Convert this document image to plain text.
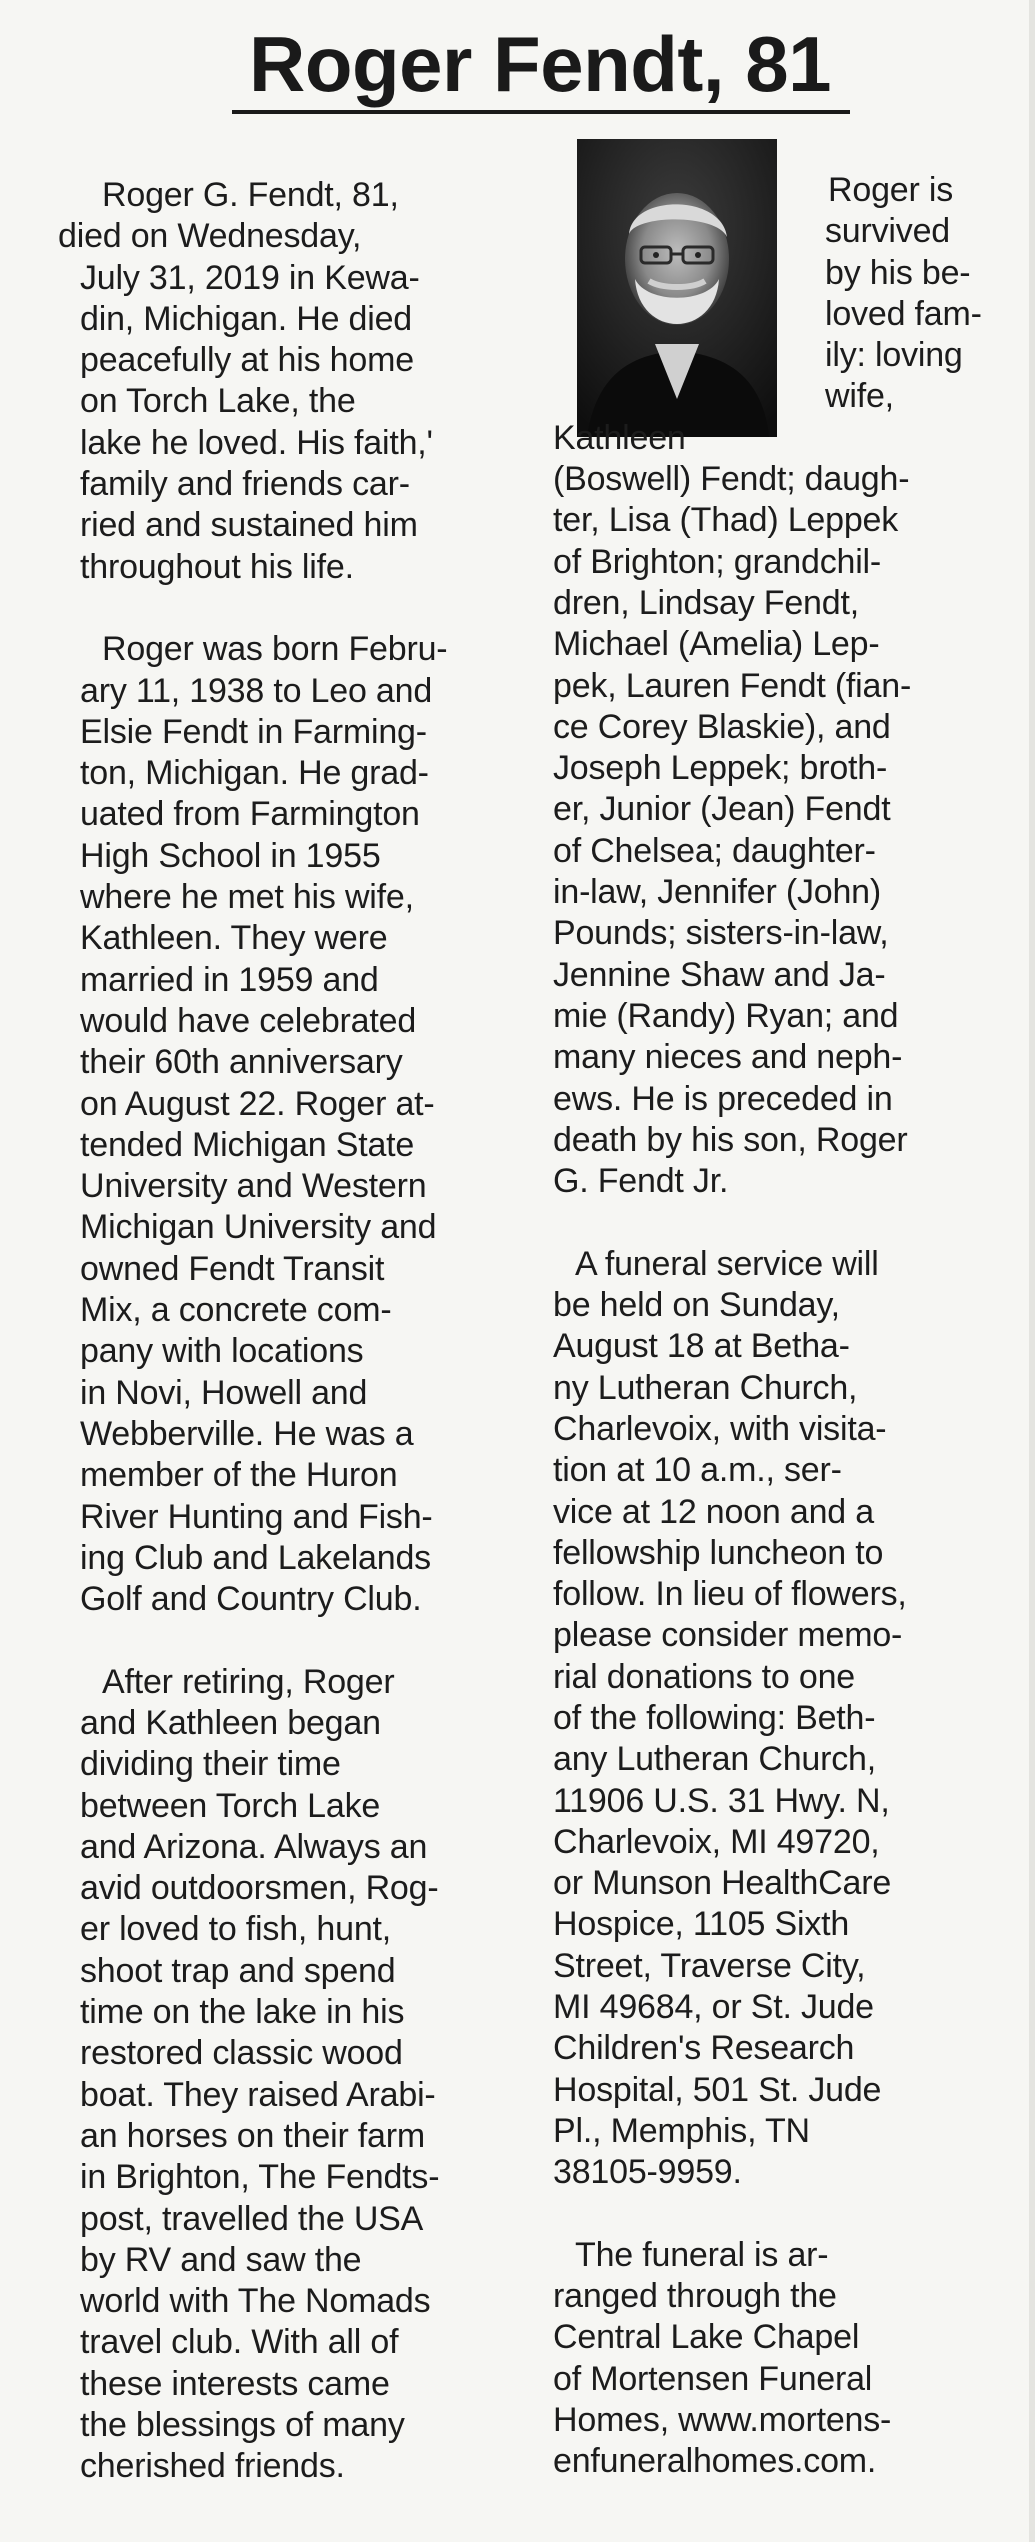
Roger Fendt, 81

Roger G. Fendt, 81,
died on Wednesday,
July 31, 2019 in Kewa-
din, Michigan. He died
peacefully at his home
on Torch Lake, the
lake he loved. His faith,'
family and friends car-
ried and sustained him
throughout his life.

Roger was born Febru-
ary 11, 1938 to Leo and
Elsie Fendt in Farming-
ton, Michigan. He grad-
uated from Farmington
High School in 1955
where he met his wife,
Kathleen. They were
married in 1959 and
would have celebrated
their 60th anniversary
on August 22. Roger at-
tended Michigan State
University and Western
Michigan University and
owned Fendt Transit
Mix, a concrete com-
pany with locations
in Novi, Howell and
Webberville. He was a
member of the Huron
River Hunting and Fish-
ing Club and Lakelands
Golf and Country Club.

After retiring, Roger
and Kathleen began
dividing their time
between Torch Lake
and Arizona. Always an
avid outdoorsmen, Rog-
er loved to fish, hunt,
shoot trap and spend
time on the lake in his
restored classic wood
boat. They raised Arabi-
an horses on their farm
in Brighton, The Fendts-
post, travelled the USA
by RV and saw the
world with The Nomads
travel club. With all of
these interests came
the blessings of many
cherished friends.

Roger is
survived
by his be-
loved fam-
ily: loving
wife,
Kathleen
(Boswell) Fendt; daugh-
ter, Lisa (Thad) Leppek
of Brighton; grandchil-
dren, Lindsay Fendt,
Michael (Amelia) Lep-
pek, Lauren Fendt (fian-
ce Corey Blaskie), and
Joseph Leppek; broth-
er, Junior (Jean) Fendt
of Chelsea; daughter-
in-law, Jennifer (John)
Pounds; sisters-in-law,
Jennine Shaw and Ja-
mie (Randy) Ryan; and
many nieces and neph-
ews. He is preceded in
death by his son, Roger
G. Fendt Jr.

A funeral service will
be held on Sunday,
August 18 at Betha-
ny Lutheran Church,
Charlevoix, with visita-
tion at 10 a.m., ser-
vice at 12 noon and a
fellowship luncheon to
follow. In lieu of flowers,
please consider memo-
rial donations to one
of the following: Beth-
any Lutheran Church,
11906 U.S. 31 Hwy. N,
Charlevoix, MI 49720,
or Munson HealthCare
Hospice, 1105 Sixth
Street, Traverse City,
MI 49684, or St. Jude
Children's Research
Hospital, 501 St. Jude
Pl., Memphis, TN
38105-9959.

The funeral is ar-
ranged through the
Central Lake Chapel
of Mortensen Funeral
Homes, www.mortens-
enfuneralhomes.com.
